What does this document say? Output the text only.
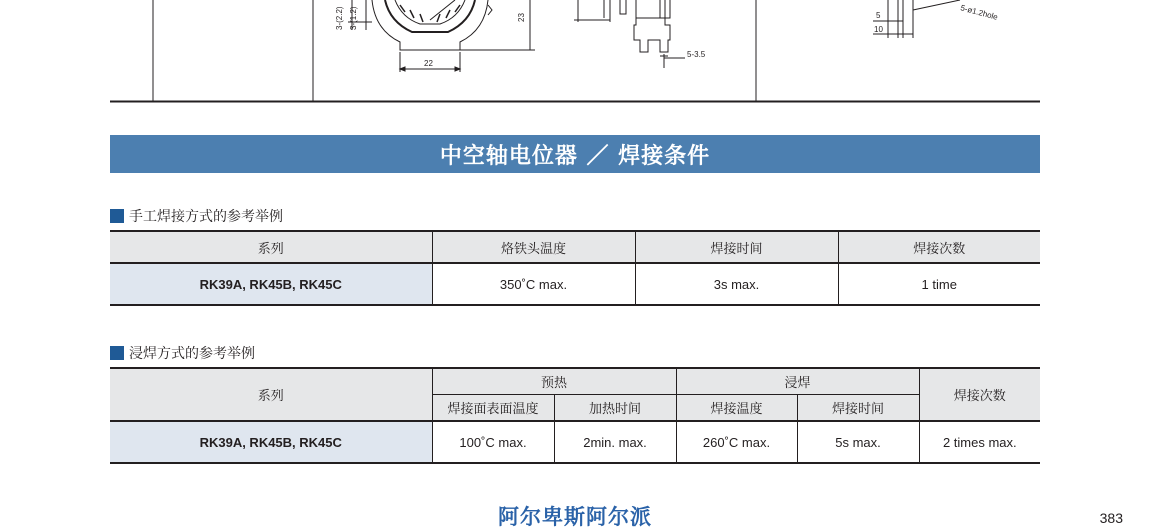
3-(2.2) 3-(1.2)	23
22
5-3.5
5
10
5-ø1.2hole
中空轴电位器 ／ 焊接条件
手工焊接方式的参考举例
系列	烙铁头温度	焊接时间	焊接次数
RK39A, RK45B, RK45C	350˚C max.	3s max.	1 time
浸焊方式的参考举例
系列	预热		浸焊		焊接次数
	焊接面表面温度	加热时间	焊接温度	焊接时间	
RK39A, RK45B, RK45C	100˚C max.	2min. max.	260˚C max.	5s max.	2 times max.
阿尔卑斯阿尔派	383
